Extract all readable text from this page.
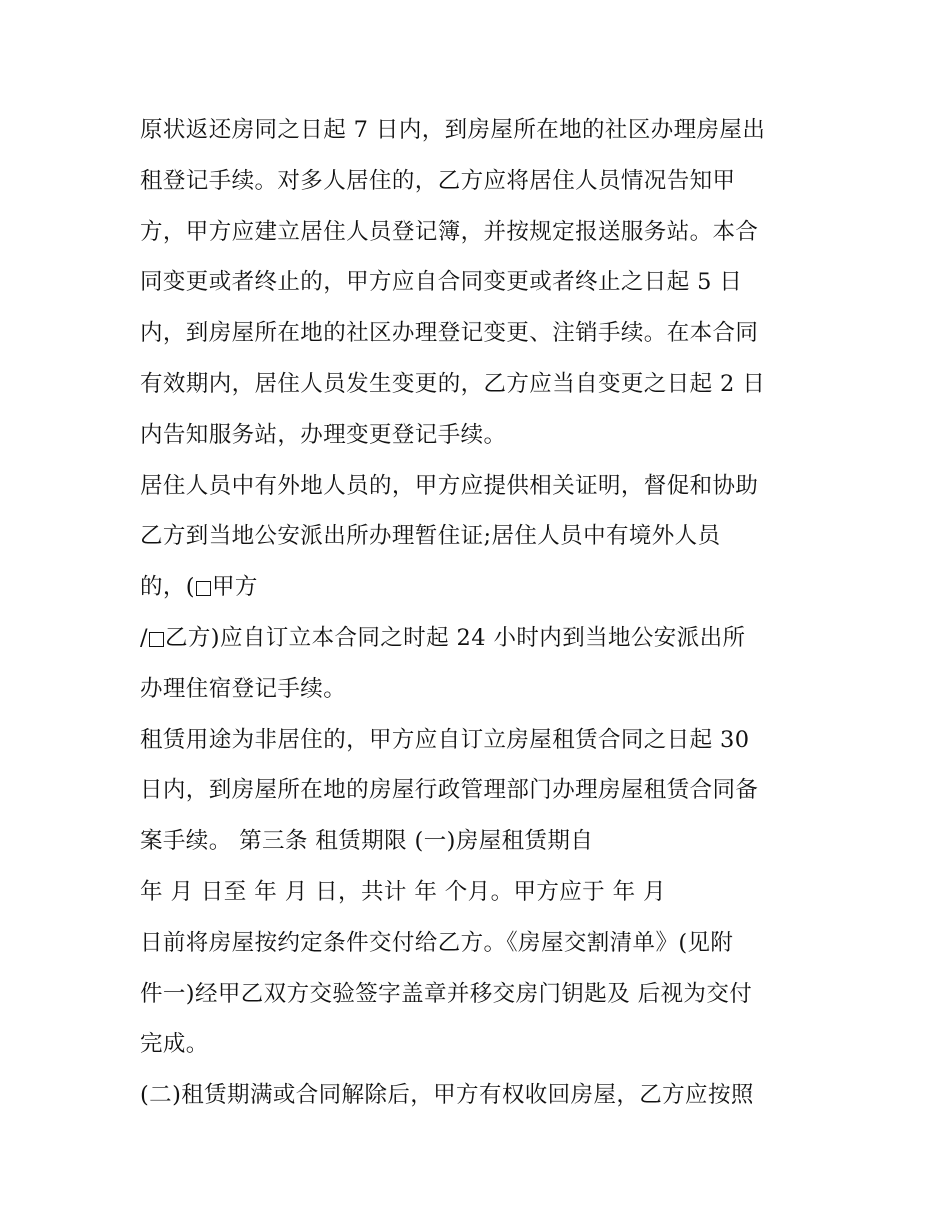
原状返还房同之日起 7 日内，到房屋所在地的社区办理房屋出
租登记手续。对多人居住的，乙方应将居住人员情况告知甲
方，甲方应建立居住人员登记簿，并按规定报送服务站。本合
同变更或者终止的，甲方应自合同变更或者终止之日起 5 日
内，到房屋所在地的社区办理登记变更、注销手续。在本合同
有效期内，居住人员发生变更的，乙方应当自变更之日起 2 日
内告知服务站，办理变更登记手续。
居住人员中有外地人员的，甲方应提供相关证明，督促和协助
乙方到当地公安派出所办理暂住证;居住人员中有境外人员
的，( 甲方
/ 乙方)应自订立本合同之时起 24 小时内到当地公安派出所
办理住宿登记手续。
租赁用途为非居住的，甲方应自订立房屋租赁合同之日起 30
日内，到房屋所在地的房屋行政管理部门办理房屋租赁合同备
案手续。 第三条 租赁期限 (一)房屋租赁期自
年 月 日至 年 月 日，共计 年 个月。甲方应于 年 月
日前将房屋按约定条件交付给乙方。《房屋交割清单》(见附
件一)经甲乙双方交验签字盖章并移交房门钥匙及 后视为交付
完成。
(二)租赁期满或合同解除后，甲方有权收回房屋，乙方应按照
